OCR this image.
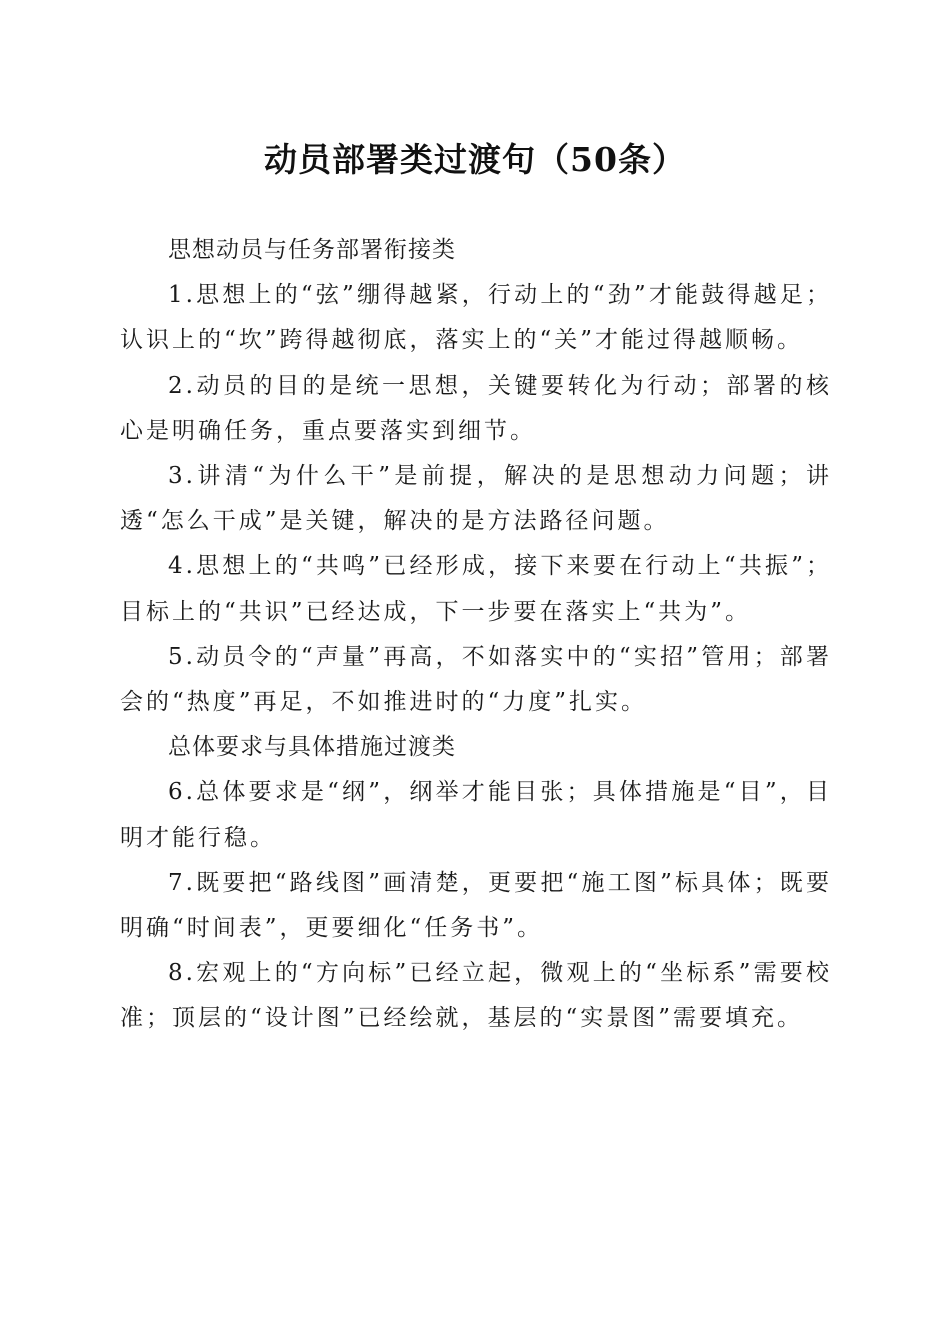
动员部署类过渡句（50条）

思想动员与任务部署衔接类

1.思想上的“弦”绷得越紧，行动上的“劲”才能鼓得越足；认识上的“坎”跨得越彻底，落实上的“关”才能过得越顺畅。

2.动员的目的是统一思想，关键要转化为行动；部署的核心是明确任务，重点要落实到细节。

3.讲清“为什么干”是前提，解决的是思想动力问题；讲透“怎么干成”是关键，解决的是方法路径问题。

4.思想上的“共鸣”已经形成，接下来要在行动上“共振”；目标上的“共识”已经达成，下一步要在落实上“共为”。

5.动员令的“声量”再高，不如落实中的“实招”管用；部署会的“热度”再足，不如推进时的“力度”扎实。

总体要求与具体措施过渡类

6.总体要求是“纲”，纲举才能目张；具体措施是“目”，目明才能行稳。

7.既要把“路线图”画清楚，更要把“施工图”标具体；既要明确“时间表”，更要细化“任务书”。

8.宏观上的“方向标”已经立起，微观上的“坐标系”需要校准；顶层的“设计图”已经绘就，基层的“实景图”需要填充。
